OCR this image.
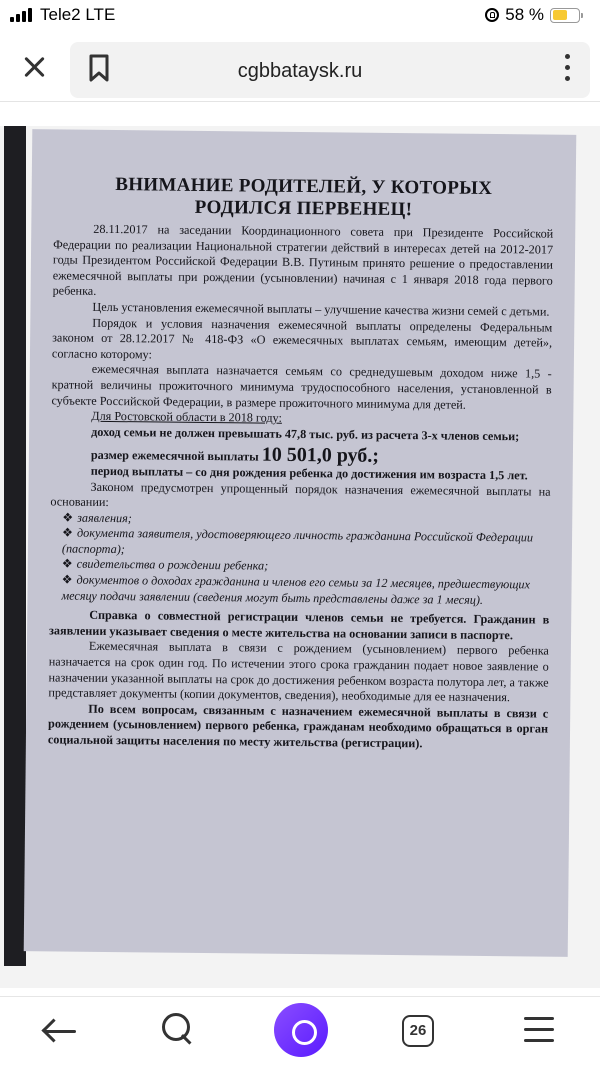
Tele2 LTE	58 %
cgbbataysk.ru
ВНИМАНИЕ РОДИТЕЛЕЙ, У КОТОРЫХ
РОДИЛСЯ ПЕРВЕНЕЦ!

28.11.2017 на заседании Координационного совета при Президенте Российской Федерации по реализации Национальной стратегии действий в интересах детей на 2012-2017 годы Президентом Российской Федерации В.В. Путиным принято решение о предоставлении ежемесячной выплаты при рождении (усыновлении) начиная с 1 января 2018 года первого ребенка.

Цель установления ежемесячной выплаты – улучшение качества жизни семей с детьми.

Порядок и условия назначения ежемесячной выплаты определены Федеральным законом от 28.12.2017 № 418-ФЗ «О ежемесячных выплатах семьям, имеющим детей», согласно которому:

ежемесячная выплата назначается семьям со среднедушевым доходом ниже 1,5 - кратной величины прожиточного минимума трудоспособного населения, установленной в субъекте Российской Федерации, в размере прожиточного минимума для детей.

Для Ростовской области в 2018 году:

доход семьи не должен превышать 47,8 тыс. руб. из расчета 3-х членов семьи;

размер ежемесячной выплаты 10 501,0 руб.;

период выплаты – со дня рождения ребенка до достижения им возраста 1,5 лет.

Законом предусмотрен упрощенный порядок назначения ежемесячной выплаты на основании:

❖ заявления;

❖ документа заявителя, удостоверяющего личность гражданина Российской Федерации (паспорта);

❖ свидетельства о рождении ребенка;

❖ документов о доходах гражданина и членов его семьи за 12 месяцев, предшествующих месяцу подачи заявлении (сведения могут быть представлены даже за 1 месяц).

Справка о совместной регистрации членов семьи не требуется. Гражданин в заявлении указывает сведения о месте жительства на основании записи в паспорте.

Ежемесячная выплата в связи с рождением (усыновлением) первого ребенка назначается на срок один год. По истечении этого срока гражданин подает новое заявление о назначении указанной выплаты на срок до достижения ребенком возраста полутора лет, а также представляет документы (копии документов, сведения), необходимые для ее назначения.

По всем вопросам, связанным с назначением ежемесячной выплаты в связи с рождением (усыновлением) первого ребенка, гражданам необходимо обращаться в орган социальной защиты населения по месту жительства (регистрации).

26
